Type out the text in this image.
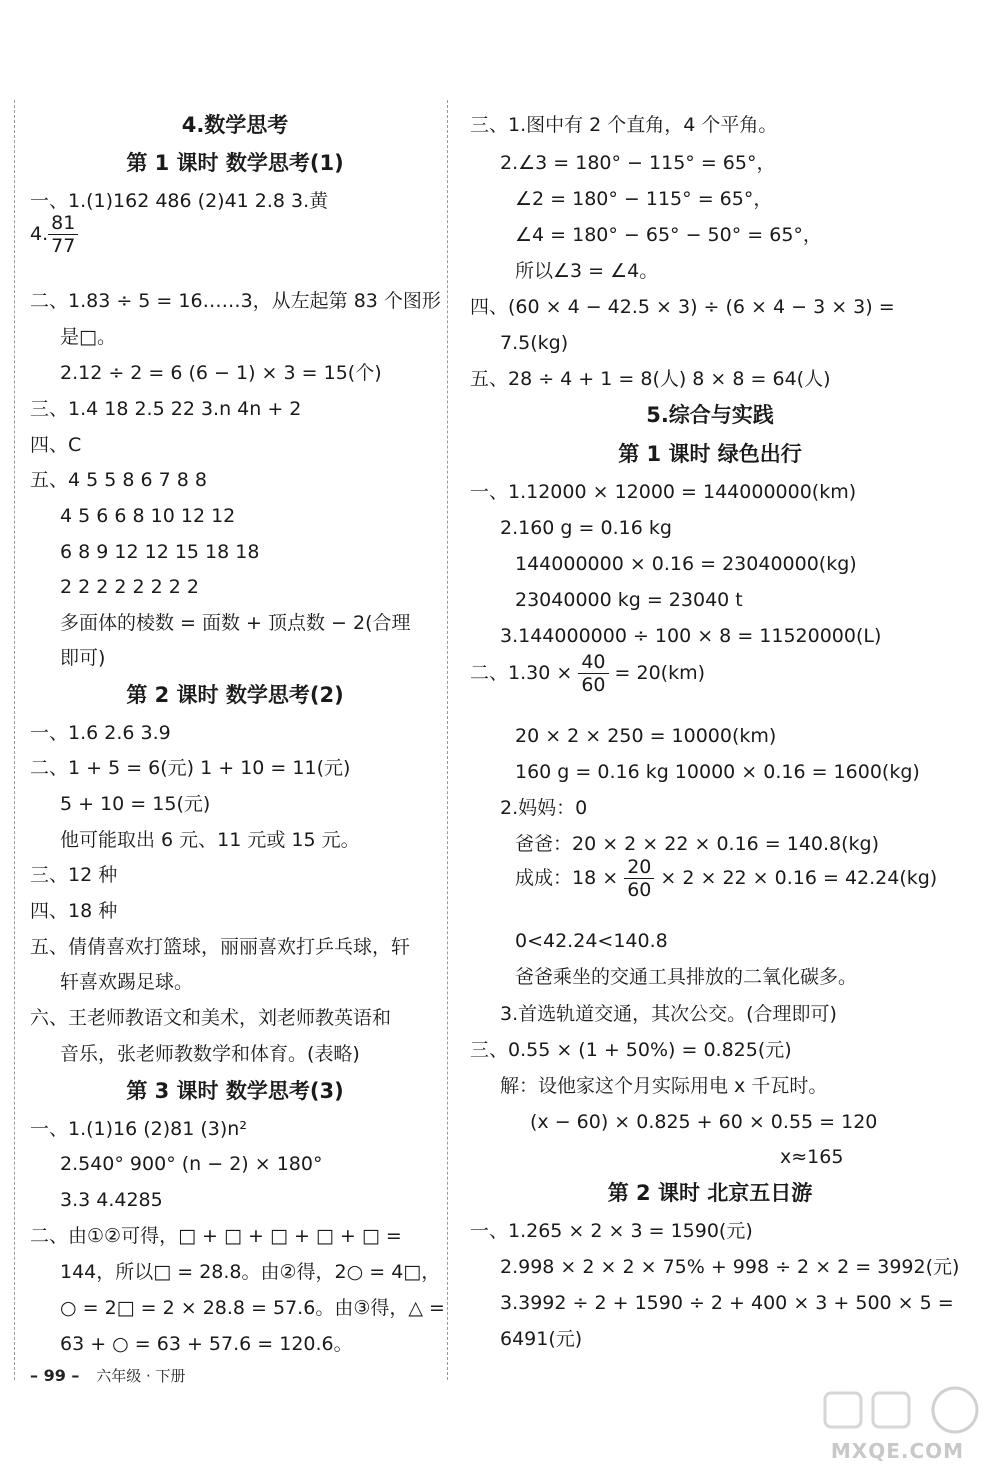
4.数学思考
第 1 课时 数学思考(1)
一、1.(1)162 486 (2)41 2.8 3.黄
4. $\frac{81}{77}$
二、1.83 ÷ 5 = 16……3，从左起第 83 个图形
是□。
2.12 ÷ 2 = 6 (6 − 1) × 3 = 15(个)
三、1.4 18 2.5 22 3.n 4n + 2
四、C
五、4 5 5 8 6 7 8 8
4 5 6 6 8 10 12 12
6 8 9 12 12 15 18 18
2 2 2 2 2 2 2 2
多面体的棱数 = 面数 + 顶点数 − 2(合理
即可)
第 2 课时 数学思考(2)
一、1.6 2.6 3.9
二、1 + 5 = 6(元) 1 + 10 = 11(元)
5 + 10 = 15(元)
他可能取出 6 元、11 元或 15 元。
三、12 种
四、18 种
五、倩倩喜欢打篮球，丽丽喜欢打乒乓球，轩
轩喜欢踢足球。
六、王老师教语文和美术，刘老师教英语和
音乐，张老师教数学和体育。(表略)
第 3 课时 数学思考(3)
一、1.(1)16 (2)81 (3)n²
2.540° 900° (n − 2) × 180°
3.3 4.4285
二、由①②可得，□ + □ + □ + □ + □ =
144，所以□ = 28.8。由②得，2○ = 4□，
○ = 2□ = 2 × 28.8 = 57.6。由③得，△ =
63 + ○ = 63 + 57.6 = 120.6。
三、1.图中有 2 个直角，4 个平角。
2.∠3 = 180° − 115° = 65°，
∠2 = 180° − 115° = 65°，
∠4 = 180° − 65° − 50° = 65°，
所以∠3 = ∠4。
四、(60 × 4 − 42.5 × 3) ÷ (6 × 4 − 3 × 3) =
7.5(kg)
五、28 ÷ 4 + 1 = 8(人) 8 × 8 = 64(人)
5.综合与实践
第 1 课时 绿色出行
一、1.12000 × 12000 = 144000000(km)
2.160 g = 0.16 kg
144000000 × 0.16 = 23040000(kg)
23040000 kg = 23040 t
3.144000000 ÷ 100 × 8 = 11520000(L)
二、$1.30 \times \frac{40}{60} = 20(km)$
20 × 2 × 250 = 10000(km)
160 g = 0.16 kg 10000 × 0.16 = 1600(kg)
2.妈妈：0
爸爸：20 × 2 × 22 × 0.16 = 140.8(kg)
成成：$18 \times \frac{20}{60} \times 2 \times 22 \times 0.16 = 42.24(kg)$
0<42.24<140.8
爸爸乘坐的交通工具排放的二氧化碳多。
3.首选轨道交通，其次公交。(合理即可)
三、0.55 × (1 + 50%) = 0.825(元)
解：设他家这个月实际用电 x 千瓦时。
(x − 60) × 0.825 + 60 × 0.55 = 120
x≈165
第 2 课时 北京五日游
一、1.265 × 2 × 3 = 1590(元)
2.998 × 2 × 2 × 75% + 998 ÷ 2 × 2 = 3992(元)
3.3992 ÷ 2 + 1590 ÷ 2 + 400 × 3 + 500 × 5 =
6491(元)
– 99 – 六年级 · 下册
MXQE.COM
